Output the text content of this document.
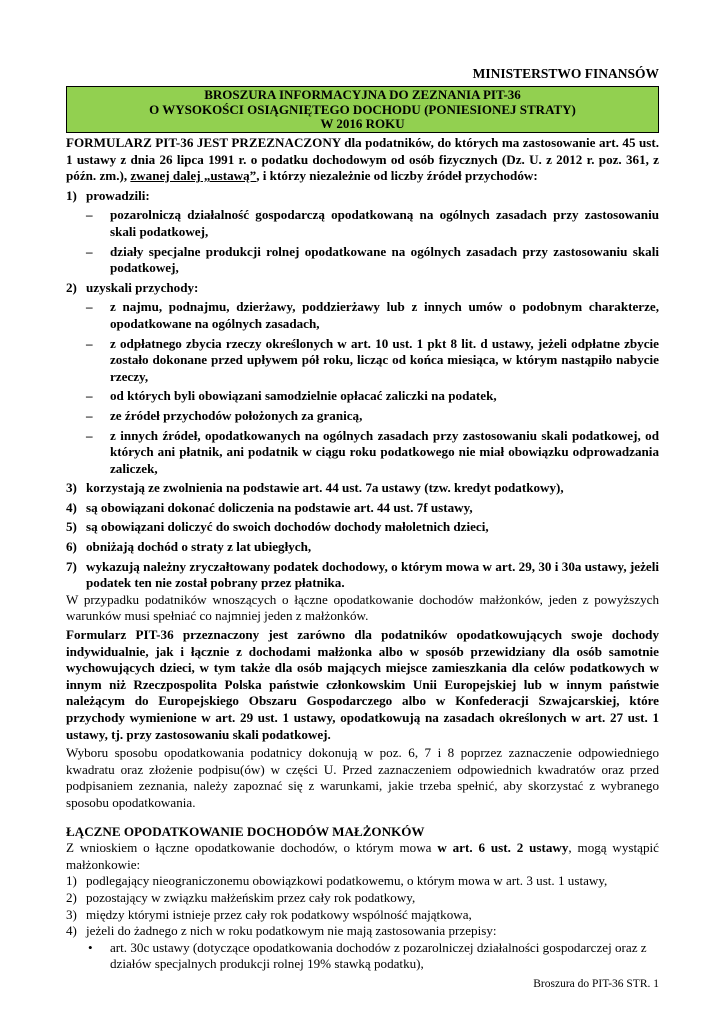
MINISTERSTWO FINANSÓW
BROSZURA INFORMACYJNA DO ZEZNANIA PIT-36
O WYSOKOŚCI OSIĄGNIĘTEGO DOCHODU (PONIESIONEJ STRATY)
W 2016 ROKU

FORMULARZ PIT-36 JEST PRZEZNACZONY dla podatników, do których ma zastosowanie art. 45 ust. 1 ustawy z dnia 26 lipca 1991 r. o podatku dochodowym od osób fizycznych (Dz. U. z 2012 r. poz. 361, z późn. zm.), zwanej dalej „ustawą”, i którzy niezależnie od liczby źródeł przychodów:

1) prowadzili:
–	pozarolniczą działalność gospodarczą opodatkowaną na ogólnych zasadach przy zastosowaniu skali podatkowej,
–	działy specjalne produkcji rolnej opodatkowane na ogólnych zasadach przy zastosowaniu skali podatkowej,
2) uzyskali przychody:
–	z najmu, podnajmu, dzierżawy, poddzierżawy lub z innych umów o podobnym charakterze, opodatkowane na ogólnych zasadach,
–	z odpłatnego zbycia rzeczy określonych w art. 10 ust. 1 pkt 8 lit. d ustawy, jeżeli odpłatne zbycie zostało dokonane przed upływem pół roku, licząc od końca miesiąca, w którym nastąpiło nabycie rzeczy,
–	od których byli obowiązani samodzielnie opłacać zaliczki na podatek,
–	ze źródeł przychodów położonych za granicą,
–	z innych źródeł, opodatkowanych na ogólnych zasadach przy zastosowaniu skali podatkowej, od których ani płatnik, ani podatnik w ciągu roku podatkowego nie miał obowiązku odprowadzania zaliczek,
3) korzystają ze zwolnienia na podstawie art. 44 ust. 7a ustawy (tzw. kredyt podatkowy),
4) są obowiązani dokonać doliczenia na podstawie art. 44 ust. 7f ustawy,
5) są obowiązani doliczyć do swoich dochodów dochody małoletnich dzieci,
6) obniżają dochód o straty z lat ubiegłych,
7) wykazują należny zryczałtowany podatek dochodowy, o którym mowa w art. 29, 30 i 30a ustawy, jeżeli podatek ten nie został pobrany przez płatnika.

W przypadku podatników wnoszących o łączne opodatkowanie dochodów małżonków, jeden z powyższych warunków musi spełniać co najmniej jeden z małżonków.

Formularz PIT-36 przeznaczony jest zarówno dla podatników opodatkowujących swoje dochody indywidualnie, jak i łącznie z dochodami małżonka albo w sposób przewidziany dla osób samotnie wychowujących dzieci, w tym także dla osób mających miejsce zamieszkania dla celów podatkowych w innym niż Rzeczpospolita Polska państwie członkowskim Unii Europejskiej lub w innym państwie należącym do Europejskiego Obszaru Gospodarczego albo w Konfederacji Szwajcarskiej, które przychody wymienione w art. 29 ust. 1 ustawy, opodatkowują na zasadach określonych w art. 27 ust. 1 ustawy, tj. przy zastosowaniu skali podatkowej.

Wyboru sposobu opodatkowania podatnicy dokonują w poz. 6, 7 i 8 poprzez zaznaczenie odpowiedniego kwadratu oraz złożenie podpisu(ów) w części U. Przed zaznaczeniem odpowiednich kwadratów oraz przed podpisaniem zeznania, należy zapoznać się z warunkami, jakie trzeba spełnić, aby skorzystać z wybranego sposobu opodatkowania.

ŁĄCZNE OPODATKOWANIE DOCHODÓW MAŁŻONKÓW

Z wnioskiem o łączne opodatkowanie dochodów, o którym mowa w art. 6 ust. 2 ustawy, mogą wystąpić małżonkowie:

1) podlegający nieograniczonemu obowiązkowi podatkowemu, o którym mowa w art. 3 ust. 1 ustawy,
2) pozostający w związku małżeńskim przez cały rok podatkowy,
3) między którymi istnieje przez cały rok podatkowy wspólność majątkowa,
4) jeżeli do żadnego z nich w roku podatkowym nie mają zastosowania przepisy:
•	art. 30c ustawy (dotyczące opodatkowania dochodów z pozarolniczej działalności gospodarczej oraz z działów specjalnych produkcji rolnej 19% stawką podatku),
Broszura do PIT-36 STR. 1
